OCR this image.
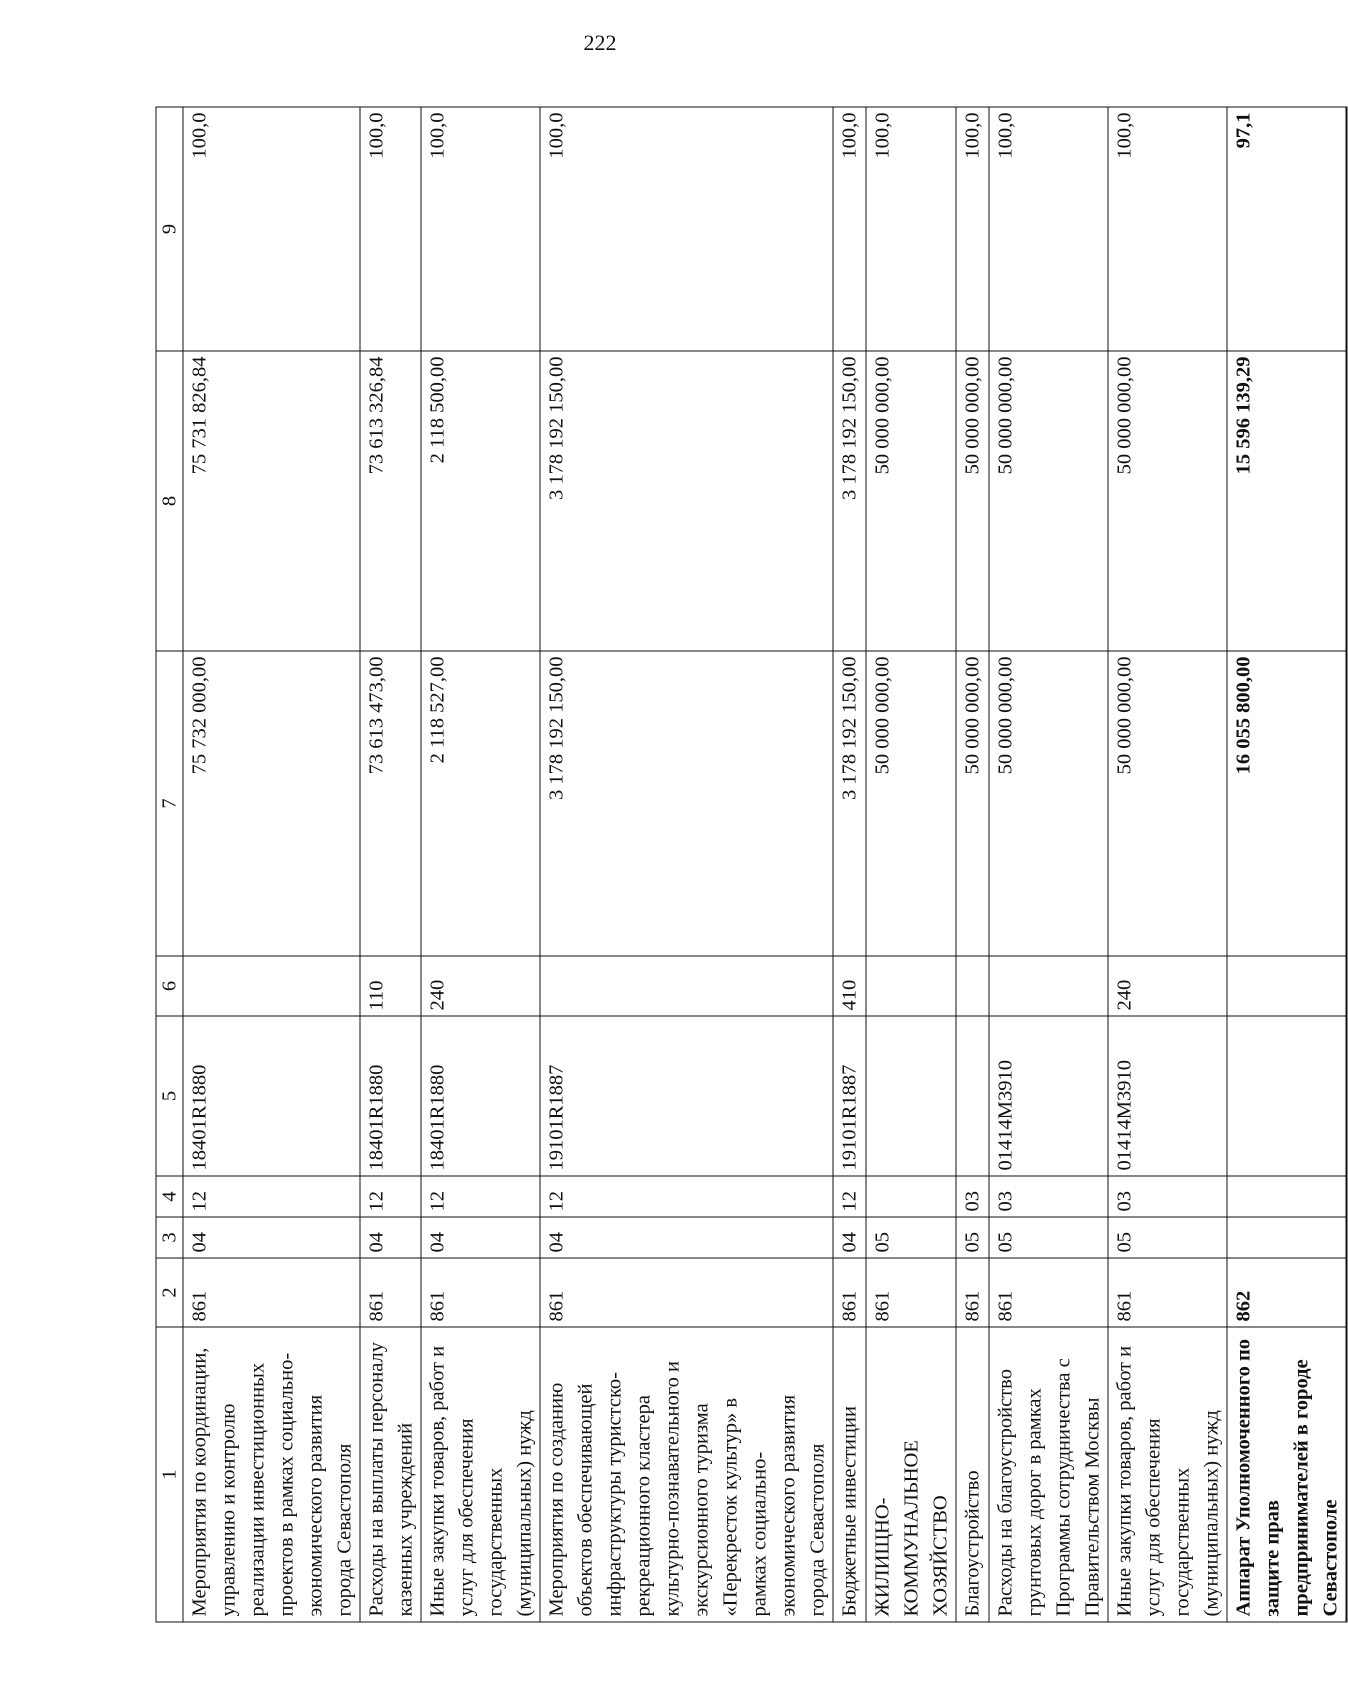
222
1	2	3	4	5	6	7	8	9
Мероприятия по координации, управлению и контролю реализации инвестиционных проектов в рамках социально-экономического развития города Севастополя	861	04	12	18401R1880		75 732 000,00	75 731 826,84	100,0
Расходы на выплаты персоналу казенных учреждений	861	04	12	18401R1880	110	73 613 473,00	73 613 326,84	100,0
Иные закупки товаров, работ и услуг для обеспечения государственных (муниципальных) нужд	861	04	12	18401R1880	240	2 118 527,00	2 118 500,00	100,0
Мероприятия по созданию объектов обеспечивающей инфраструктуры туристско-рекреационного кластера культурно-познавательного и экскурсионного туризма «Перекресток культур» в рамках социально-экономического развития города Севастополя	861	04	12	19101R1887		3 178 192 150,00	3 178 192 150,00	100,0
Бюджетные инвестиции	861	04	12	19101R1887	410	3 178 192 150,00	3 178 192 150,00	100,0
ЖИЛИЩНО-КОММУНАЛЬНОЕ ХОЗЯЙСТВО	861	05				50 000 000,00	50 000 000,00	100,0
Благоустройство	861	05	03			50 000 000,00	50 000 000,00	100,0
Расходы на благоустройство грунтовых дорог в рамках Программы сотрудничества с Правительством Москвы	861	05	03	01414M3910		50 000 000,00	50 000 000,00	100,0
Иные закупки товаров, работ и услуг для обеспечения государственных (муниципальных) нужд	861	05	03	01414M3910	240	50 000 000,00	50 000 000,00	100,0
Аппарат Уполномоченного по защите прав предпринимателей в городе Севастополе	862					16 055 800,00	15 596 139,29	97,1
